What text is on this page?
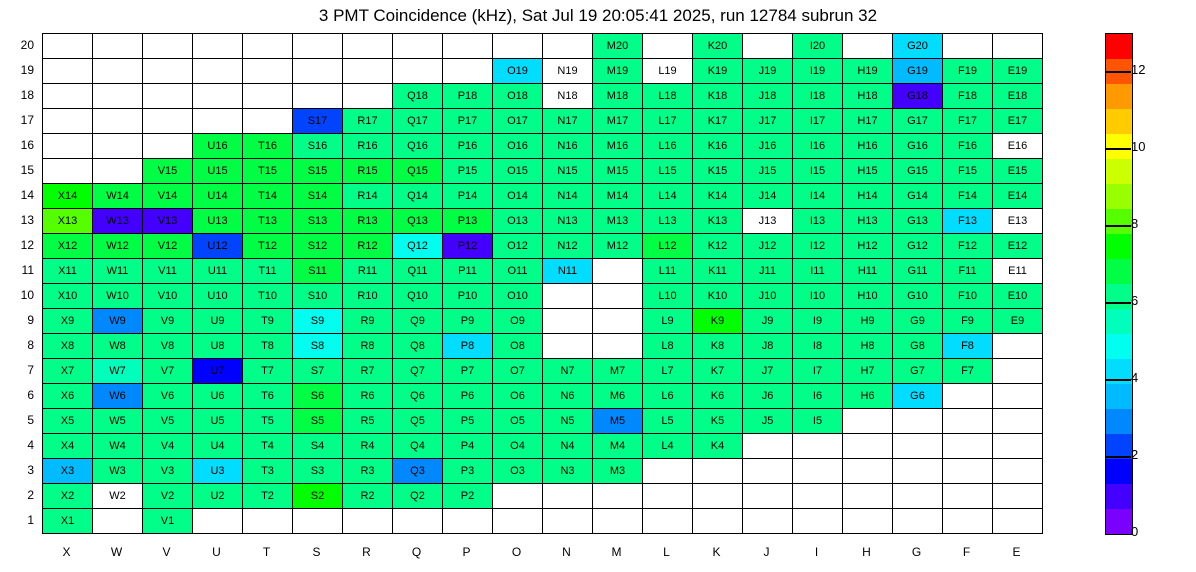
3 PMT Coincidence (kHz), Sat Jul 19 20:05:41 2025, run 12784 subrun 32
											M20		K20		I20		G20		
									O19	N19	M19	L19	K19	J19	I19	H19	G19	F19	E19
							Q18	P18	O18	N18	M18	L18	K18	J18	I18	H18	G18	F18	E18
					S17	R17	Q17	P17	O17	N17	M17	L17	K17	J17	I17	H17	G17	F17	E17
			U16	T16	S16	R16	Q16	P16	O16	N16	M16	L16	K16	J16	I16	H16	G16	F16	E16
		V15	U15	T15	S15	R15	Q15	P15	O15	N15	M15	L15	K15	J15	I15	H15	G15	F15	E15
X14	W14	V14	U14	T14	S14	R14	Q14	P14	O14	N14	M14	L14	K14	J14	I14	H14	G14	F14	E14
X13	W13	V13	U13	T13	S13	R13	Q13	P13	O13	N13	M13	L13	K13	J13	I13	H13	G13	F13	E13
X12	W12	V12	U12	T12	S12	R12	Q12	P12	O12	N12	M12	L12	K12	J12	I12	H12	G12	F12	E12
X11	W11	V11	U11	T11	S11	R11	Q11	P11	O11	N11		L11	K11	J11	I11	H11	G11	F11	E11
X10	W10	V10	U10	T10	S10	R10	Q10	P10	O10			L10	K10	J10	I10	H10	G10	F10	E10
X9	W9	V9	U9	T9	S9	R9	Q9	P9	O9			L9	K9	J9	I9	H9	G9	F9	E9
X8	W8	V8	U8	T8	S8	R8	Q8	P8	O8			L8	K8	J8	I8	H8	G8	F8	
X7	W7	V7	U7	T7	S7	R7	Q7	P7	O7	N7	M7	L7	K7	J7	I7	H7	G7	F7	
X6	W6	V6	U6	T6	S6	R6	Q6	P6	O6	N6	M6	L6	K6	J6	I6	H6	G6		
X5	W5	V5	U5	T5	S5	R5	Q5	P5	O5	N5	M5	L5	K5	J5	I5				
X4	W4	V4	U4	T4	S4	R4	Q4	P4	O4	N4	M4	L4	K4						
X3	W3	V3	U3	T3	S3	R3	Q3	P3	O3	N3	M3								
X2	W2	V2	U2	T2	S2	R2	Q2	P2											
X1		V1																	
20
19
18
17
16
15
14
13
12
11
10
9
8
7
6
5
4
3
2
1
X	W	V	U	T	S	R	Q	P	O	N	M	L	K	J	I	H	G	F	E
0
2
4
6
8
10
12
